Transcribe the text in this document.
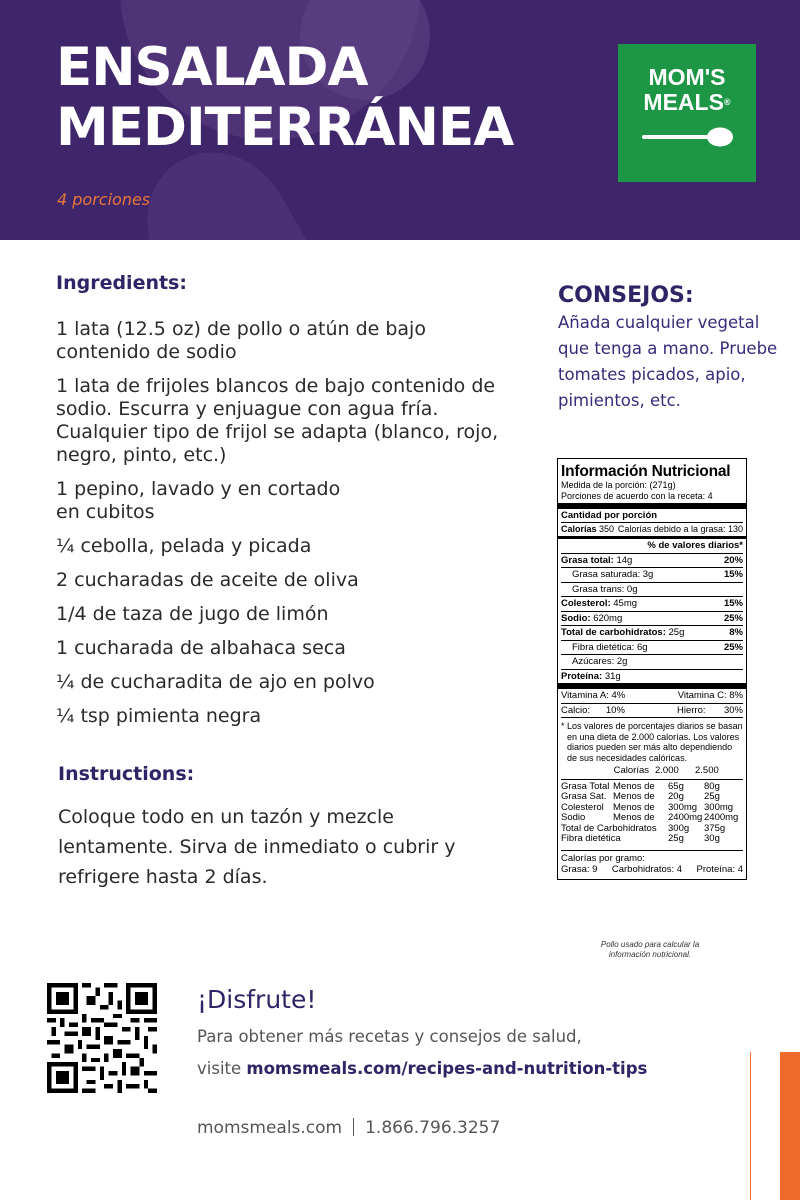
ENSALADA
MEDITERRÁNEA
4 porciones
MOM'S
MEALS®
Ingredients:
1 lata (12.5 oz) de pollo o atún de bajo contenido de sodio
1 lata de frijoles blancos de bajo contenido de sodio. Escurra y enjuague con agua fría. Cualquier tipo de frijol se adapta (blanco, rojo, negro, pinto, etc.)
1 pepino, lavado y en cortado en cubitos
¼ cebolla, pelada y picada
2 cucharadas de aceite de oliva
1/4 de taza de jugo de limón
1 cucharada de albahaca seca
¼ de cucharadita de ajo en polvo
¼ tsp pimienta negra
Instructions:

Coloque todo en un tazón y mezcle lentamente. Sirva de inmediato o cubrir y refrigere hasta 2 días.

CONSEJOS:

Añada cualquier vegetal que tenga a mano. Pruebe tomates picados, apio, pimientos, etc.

Información Nutricional
Medida de la porción: (271g)
Porciones de acuerdo con la receta: 4
Cantidad por porción
Calorías 350 Calorías debido a la grasa: 130
% de valores diarios*
Grasa total: 14g	20%
Grasa saturada: 3g	15%
Grasa trans: 0g
Colesterol: 45mg	15%
Sodio: 620mg	25%
Total de carbohidratos: 25g	8%
Fibra dietética: 6g	25%
Azúcares: 2g
Proteína: 31g
Vitamina A: 4%	Vitamina C: 8%
Calcio: 10%	Hierro: 30%
* Los valores de porcentajes diarios se basan en una dieta de 2.000 calorías. Los valores diarios pueden ser más alto dependiendo de sus necesidades calóricas.
Calorías	2.000	2.500
Grasa Total	Menos de	65g	80g
Grasa Sat.	Menos de	20g	25g
Colesterol	Menos de	300mg	300mg
Sodio	Menos de	2400mg	2400mg
Total de Carbohidratos		300g	375g
Fibra dietética		25g	30g
Calorías por gramo:
Grasa: 9 Carbohidratos: 4 Proteína: 4

Pollo usado para calcular la información nutricional.

¡Disfrute!

Para obtener más recetas y consejos de salud,

visite momsmeals.com/recipes-and-nutrition-tips

momsmeals.com 1.866.796.3257
